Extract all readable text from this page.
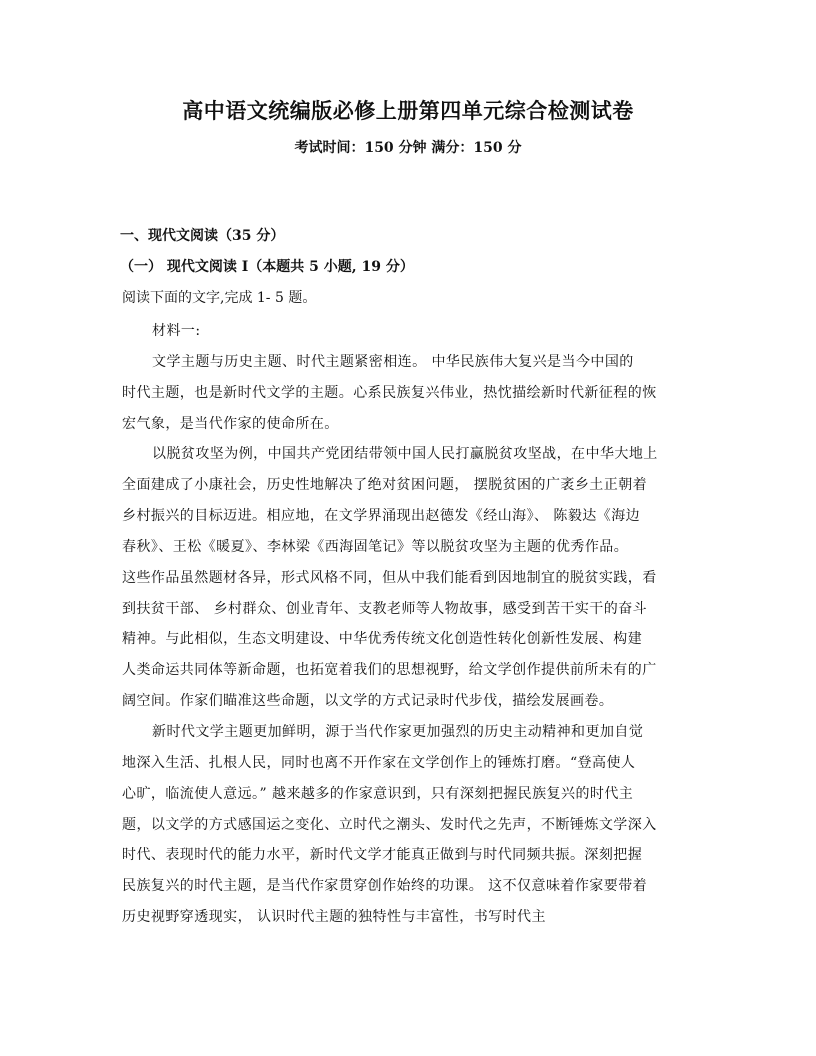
高中语文统编版必修上册第四单元综合检测试卷
考试时间：150 分钟 满分：150 分
一、现代文阅读（35 分）
（一） 现代文阅读 I（本题共 5 小题, 19 分）
阅读下面的文字,完成 1- 5 题。
材料一:
文学主题与历史主题、时代主题紧密相连。 中华民族伟大复兴是当今中国的
时代主题，也是新时代文学的主题。心系民族复兴伟业，热忱描绘新时代新征程的恢
宏气象，是当代作家的使命所在。
以脱贫攻坚为例，中国共产党团结带领中国人民打赢脱贫攻坚战，在中华大地上
全面建成了小康社会，历史性地解决了绝对贫困问题， 摆脱贫困的广袤乡土正朝着
乡村振兴的目标迈进。相应地，在文学界涌现出赵德发《经山海》、 陈毅达《海边
春秋》、王松《暖夏》、李林梁《西海固笔记》等以脱贫攻坚为主题的优秀作品。
这些作品虽然题材各异，形式风格不同，但从中我们能看到因地制宜的脱贫实践，看
到扶贫干部、 乡村群众、创业青年、支教老师等人物故事，感受到苦干实干的奋斗
精神。与此相似，生态文明建设、中华优秀传统文化创造性转化创新性发展、构建
人类命运共同体等新命题，也拓宽着我们的思想视野，给文学创作提供前所未有的广
阔空间。作家们瞄准这些命题，以文学的方式记录时代步伐，描绘发展画卷。
新时代文学主题更加鲜明，源于当代作家更加强烈的历史主动精神和更加自觉
地深入生活、扎根人民，同时也离不开作家在文学创作上的锤炼打磨。“登高使人
心旷，临流使人意远。” 越来越多的作家意识到，只有深刻把握民族复兴的时代主
题，以文学的方式感国运之变化、立时代之潮头、发时代之先声，不断锤炼文学深入
时代、表现时代的能力水平，新时代文学才能真正做到与时代同频共振。深刻把握
民族复兴的时代主题，是当代作家贯穿创作始终的功课。 这不仅意味着作家要带着
历史视野穿透现实， 认识时代主题的独特性与丰富性，书写时代主
